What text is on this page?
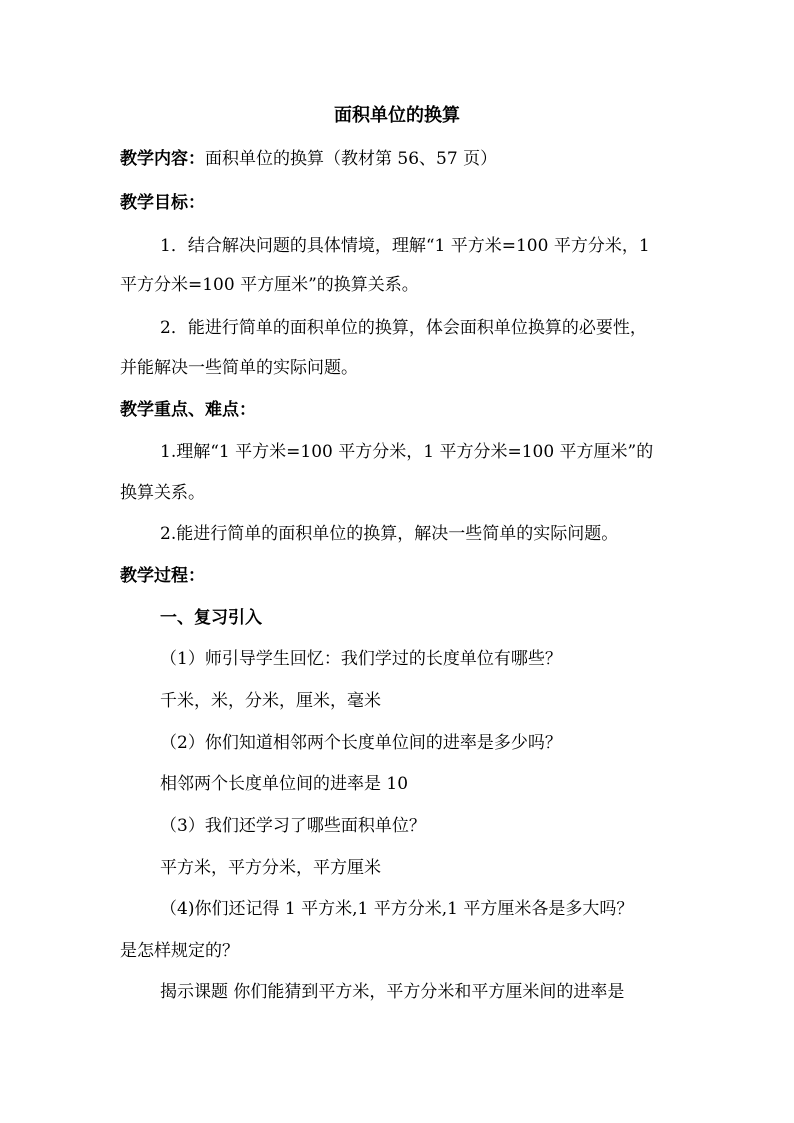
面积单位的换算
教学内容：面积单位的换算（教材第 56、57 页）
教学目标：
1．结合解决问题的具体情境，理解“1 平方米=100 平方分米，1
平方分米=100 平方厘米”的换算关系。
2．能进行简单的面积单位的换算，体会面积单位换算的必要性，
并能解决一些简单的实际问题。
教学重点、难点：
1.理解“1 平方米=100 平方分米，1 平方分米=100 平方厘米”的
换算关系。
2.能进行简单的面积单位的换算，解决一些简单的实际问题。
教学过程：
一、复习引入
（1）师引导学生回忆：我们学过的长度单位有哪些？
千米，米，分米，厘米，毫米
（2）你们知道相邻两个长度单位间的进率是多少吗？
相邻两个长度单位间的进率是 10
（3）我们还学习了哪些面积单位？
平方米，平方分米，平方厘米
（4)你们还记得 1 平方米,1 平方分米,1 平方厘米各是多大吗？
是怎样规定的？
揭示课题 你们能猜到平方米，平方分米和平方厘米间的进率是
